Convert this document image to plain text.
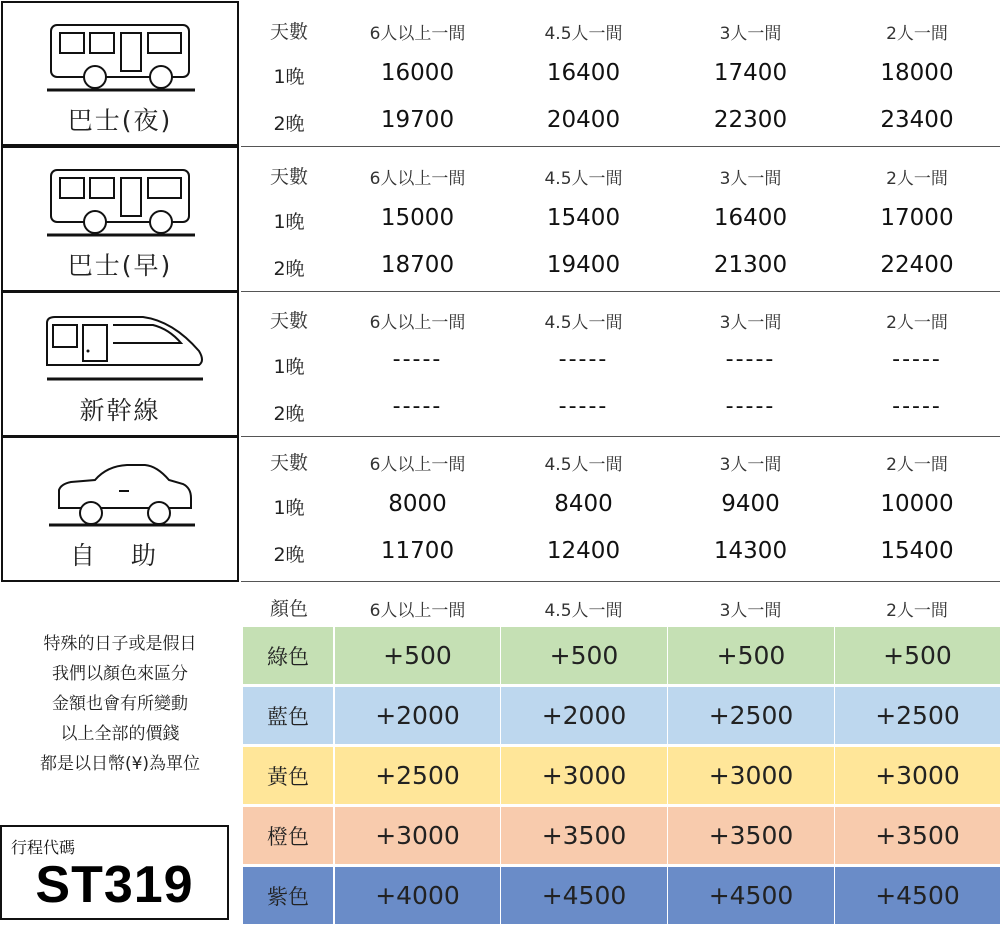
巴士(夜)
巴士(早)
新幹線
自 助
天數	6人以上一間	4.5人一間	3人一間	2人一間
1晚	16000	16400	17400	18000
2晚	19700	20400	22300	23400
天數	6人以上一間	4.5人一間	3人一間	2人一間
1晚	15000	15400	16400	17000
2晚	18700	19400	21300	22400
天數	6人以上一間	4.5人一間	3人一間	2人一間
1晚	-----	-----	-----	-----
2晚	-----	-----	-----	-----
天數	6人以上一間	4.5人一間	3人一間	2人一間
1晚	8000	8400	9400	10000
2晚	11700	12400	14300	15400
顏色	6人以上一間	4.5人一間	3人一間	2人一間
綠色	+500	+500	+500	+500
藍色	+2000	+2000	+2500	+2500
黃色	+2500	+3000	+3000	+3000
橙色	+3000	+3500	+3500	+3500
紫色	+4000	+4500	+4500	+4500
特殊的日子或是假日
我們以顏色來區分
金額也會有所變動
以上全部的價錢
都是以日幣(¥)為單位
行程代碼
ST319
